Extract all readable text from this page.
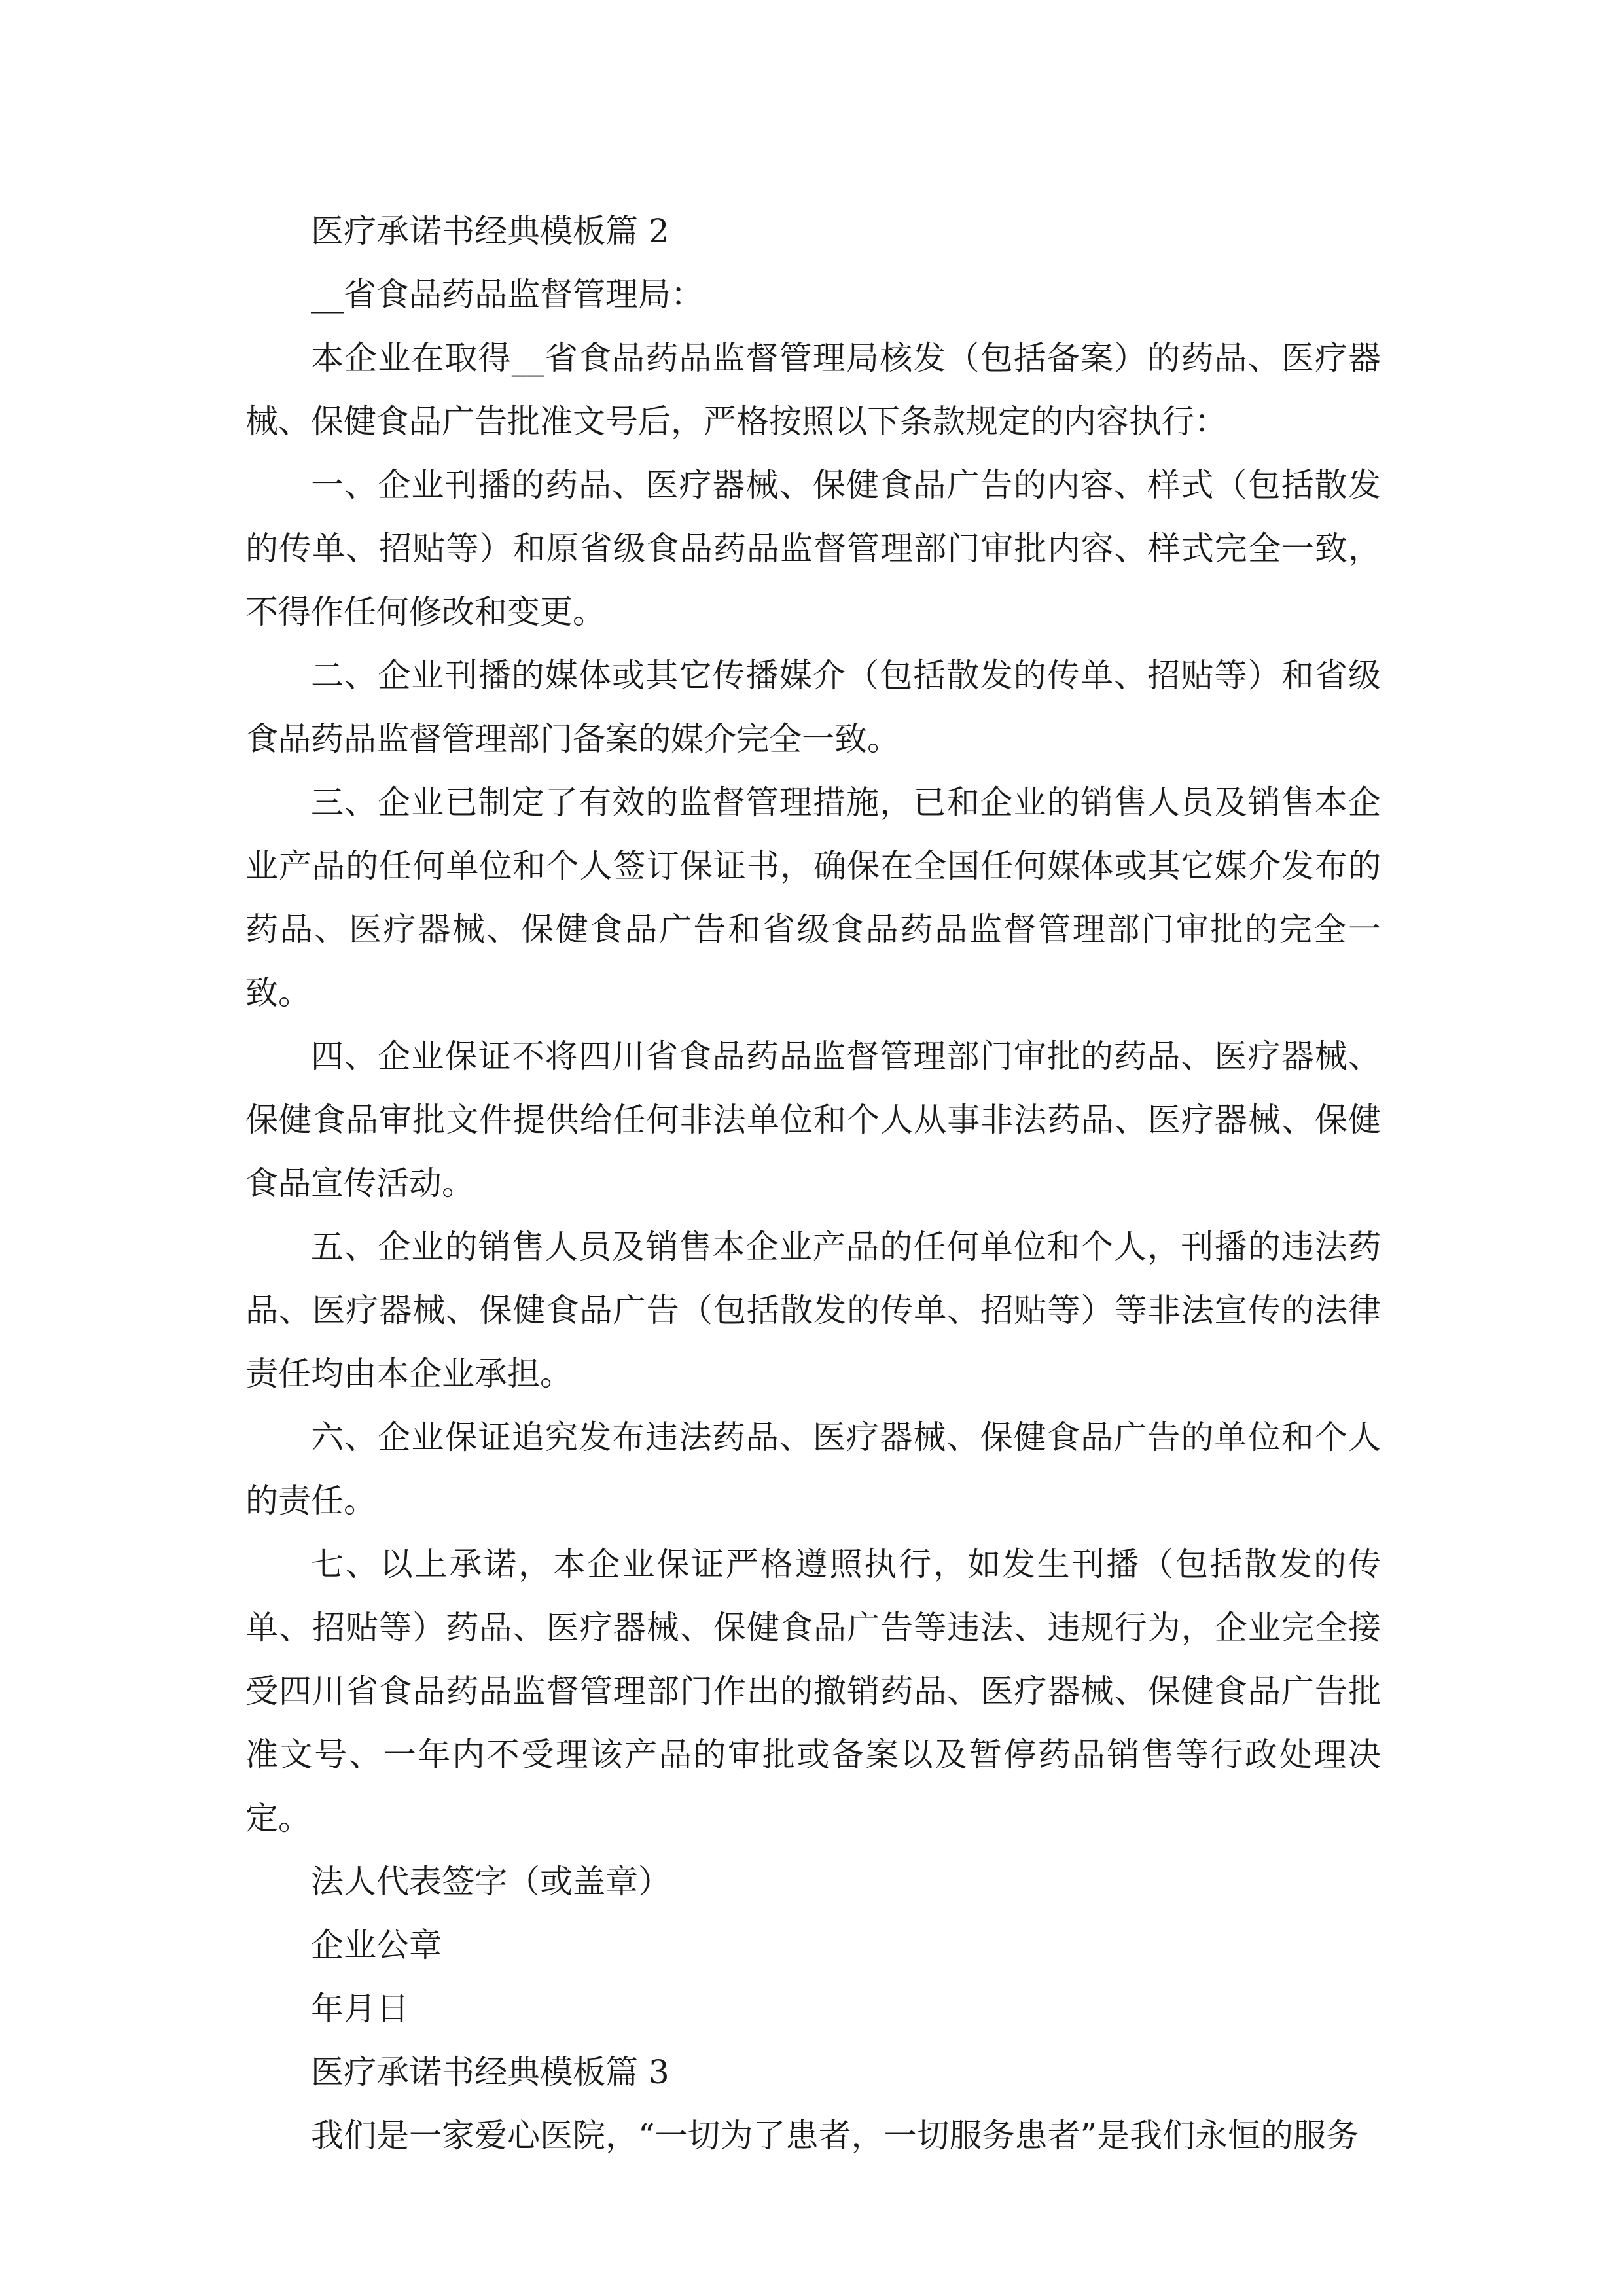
医疗承诺书经典模板篇 2

__省食品药品监督管理局：

本企业在取得__省食品药品监督管理局核发（包括备案）的药品、医疗器械、保健食品广告批准文号后，严格按照以下条款规定的内容执行：

一、企业刊播的药品、医疗器械、保健食品广告的内容、样式（包括散发的传单、招贴等）和原省级食品药品监督管理部门审批内容、样式完全一致，不得作任何修改和变更。

二、企业刊播的媒体或其它传播媒介（包括散发的传单、招贴等）和省级食品药品监督管理部门备案的媒介完全一致。

三、企业已制定了有效的监督管理措施，已和企业的销售人员及销售本企业产品的任何单位和个人签订保证书，确保在全国任何媒体或其它媒介发布的药品、医疗器械、保健食品广告和省级食品药品监督管理部门审批的完全一致。

四、企业保证不将四川省食品药品监督管理部门审批的药品、医疗器械、保健食品审批文件提供给任何非法单位和个人从事非法药品、医疗器械、保健食品宣传活动。

五、企业的销售人员及销售本企业产品的任何单位和个人，刊播的违法药品、医疗器械、保健食品广告（包括散发的传单、招贴等）等非法宣传的法律责任均由本企业承担。

六、企业保证追究发布违法药品、医疗器械、保健食品广告的单位和个人的责任。

七、以上承诺，本企业保证严格遵照执行，如发生刊播（包括散发的传单、招贴等）药品、医疗器械、保健食品广告等违法、违规行为，企业完全接受四川省食品药品监督管理部门作出的撤销药品、医疗器械、保健食品广告批准文号、一年内不受理该产品的审批或备案以及暂停药品销售等行政处理决定。

法人代表签字（或盖章）

企业公章

年月日

医疗承诺书经典模板篇 3

我们是一家爱心医院，“一切为了患者，一切服务患者”是我们永恒的服务
